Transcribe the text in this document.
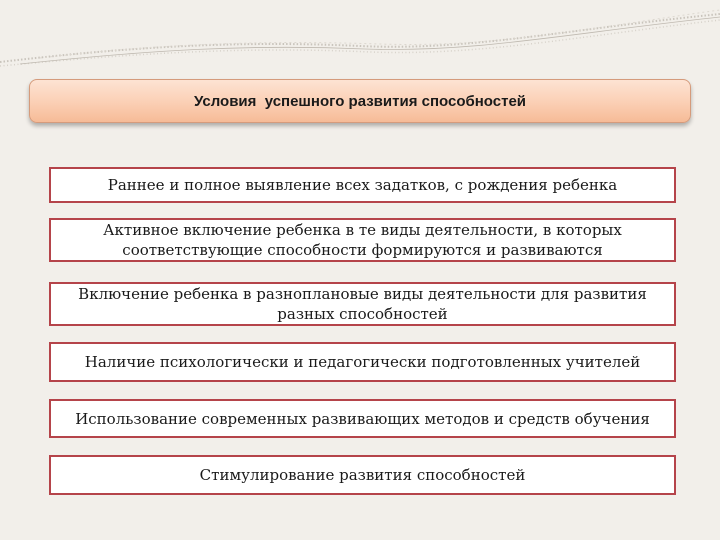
Условия  успешного развития способностей
Раннее и полное выявление всех задатков, с рождения ребенка
Активное включение ребенка в те виды деятельности, в которых соответствующие способности формируются и развиваются
Включение ребенка в разноплановые виды деятельности для развития разных способностей
Наличие психологически и педагогически подготовленных учителей
Использование современных развивающих методов и средств обучения
Стимулирование развития способностей
